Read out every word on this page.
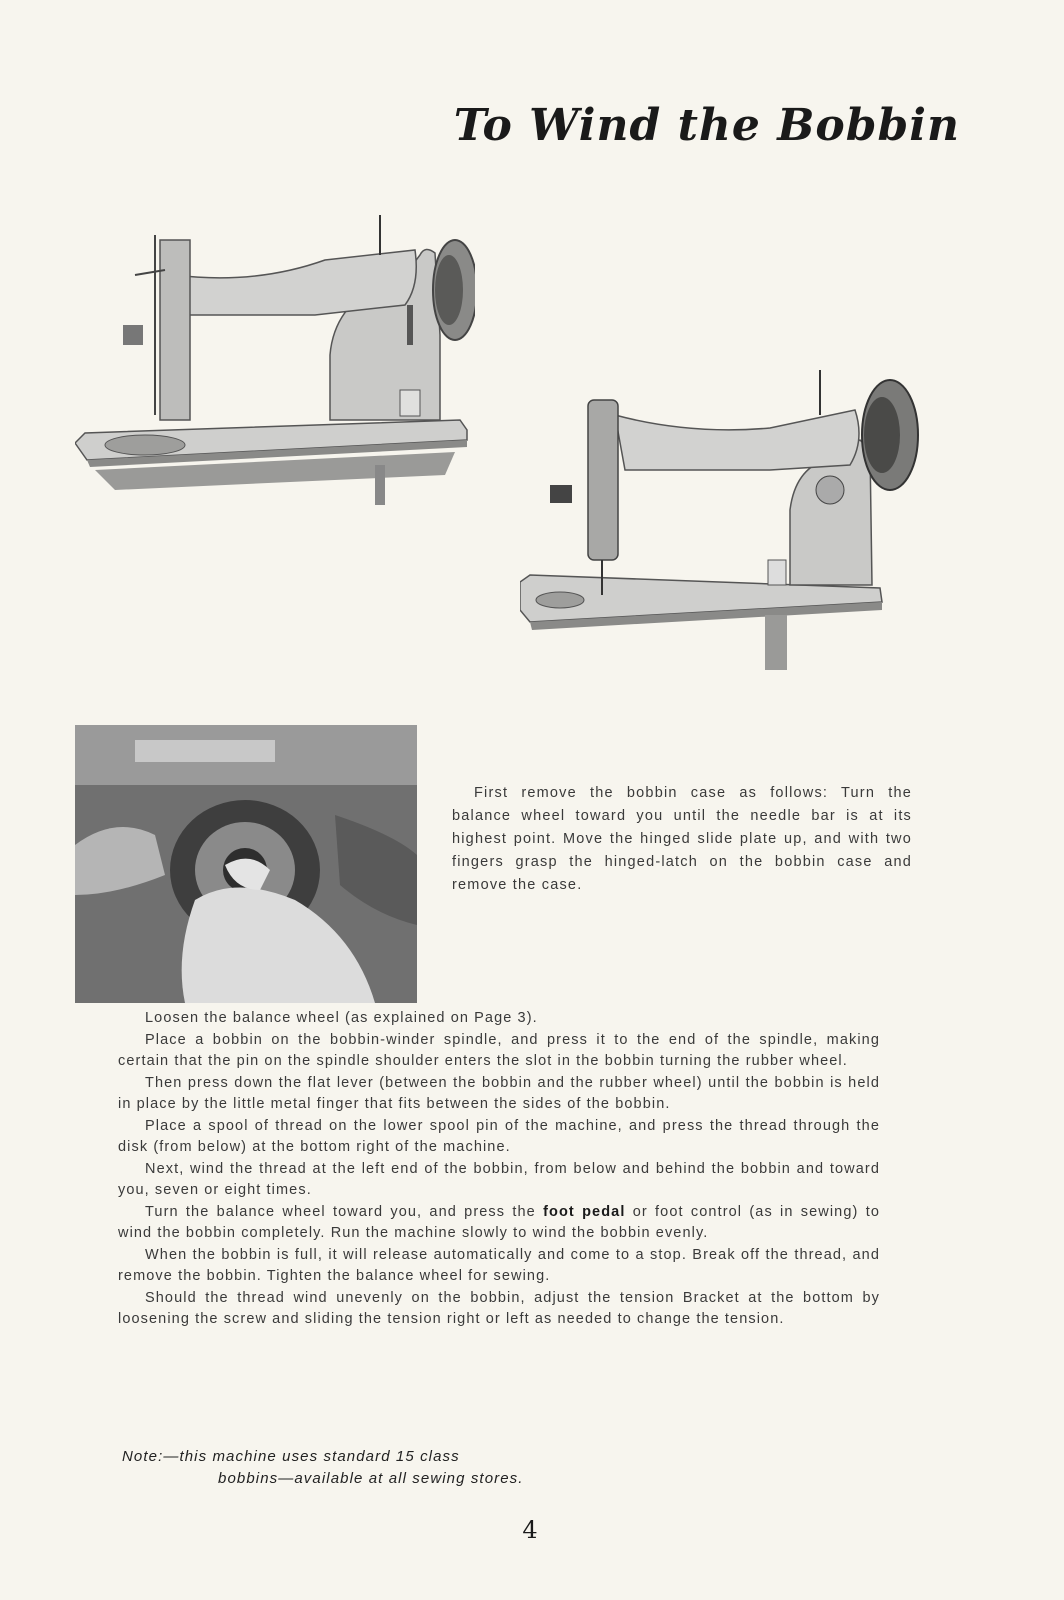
To Wind the Bobbin
First remove the bobbin case as follows: Turn the balance wheel toward you until the needle bar is at its highest point. Move the hinged slide plate up, and with two fingers grasp the hinged-latch on the bobbin case and remove the case.

Loosen the balance wheel (as explained on Page 3).

Place a bobbin on the bobbin-winder spindle, and press it to the end of the spindle, making certain that the pin on the spindle shoulder enters the slot in the bobbin turning the rubber wheel.

Then press down the flat lever (between the bobbin and the rubber wheel) until the bobbin is held in place by the little metal finger that fits between the sides of the bobbin.

Place a spool of thread on the lower spool pin of the machine, and press the thread through the disk (from below) at the bottom right of the machine.

Next, wind the thread at the left end of the bobbin, from below and behind the bobbin and toward you, seven or eight times.

Turn the balance wheel toward you, and press the foot pedal or foot control (as in sewing) to wind the bobbin completely. Run the machine slowly to wind the bobbin evenly.

When the bobbin is full, it will release automatically and come to a stop. Break off the thread, and remove the bobbin. Tighten the balance wheel for sewing.

Should the thread wind unevenly on the bobbin, adjust the tension Bracket at the bottom by loosening the screw and sliding the tension right or left as needed to change the tension.

Note:—this machine uses standard 15 class
bobbins—available at all sewing stores.
4
